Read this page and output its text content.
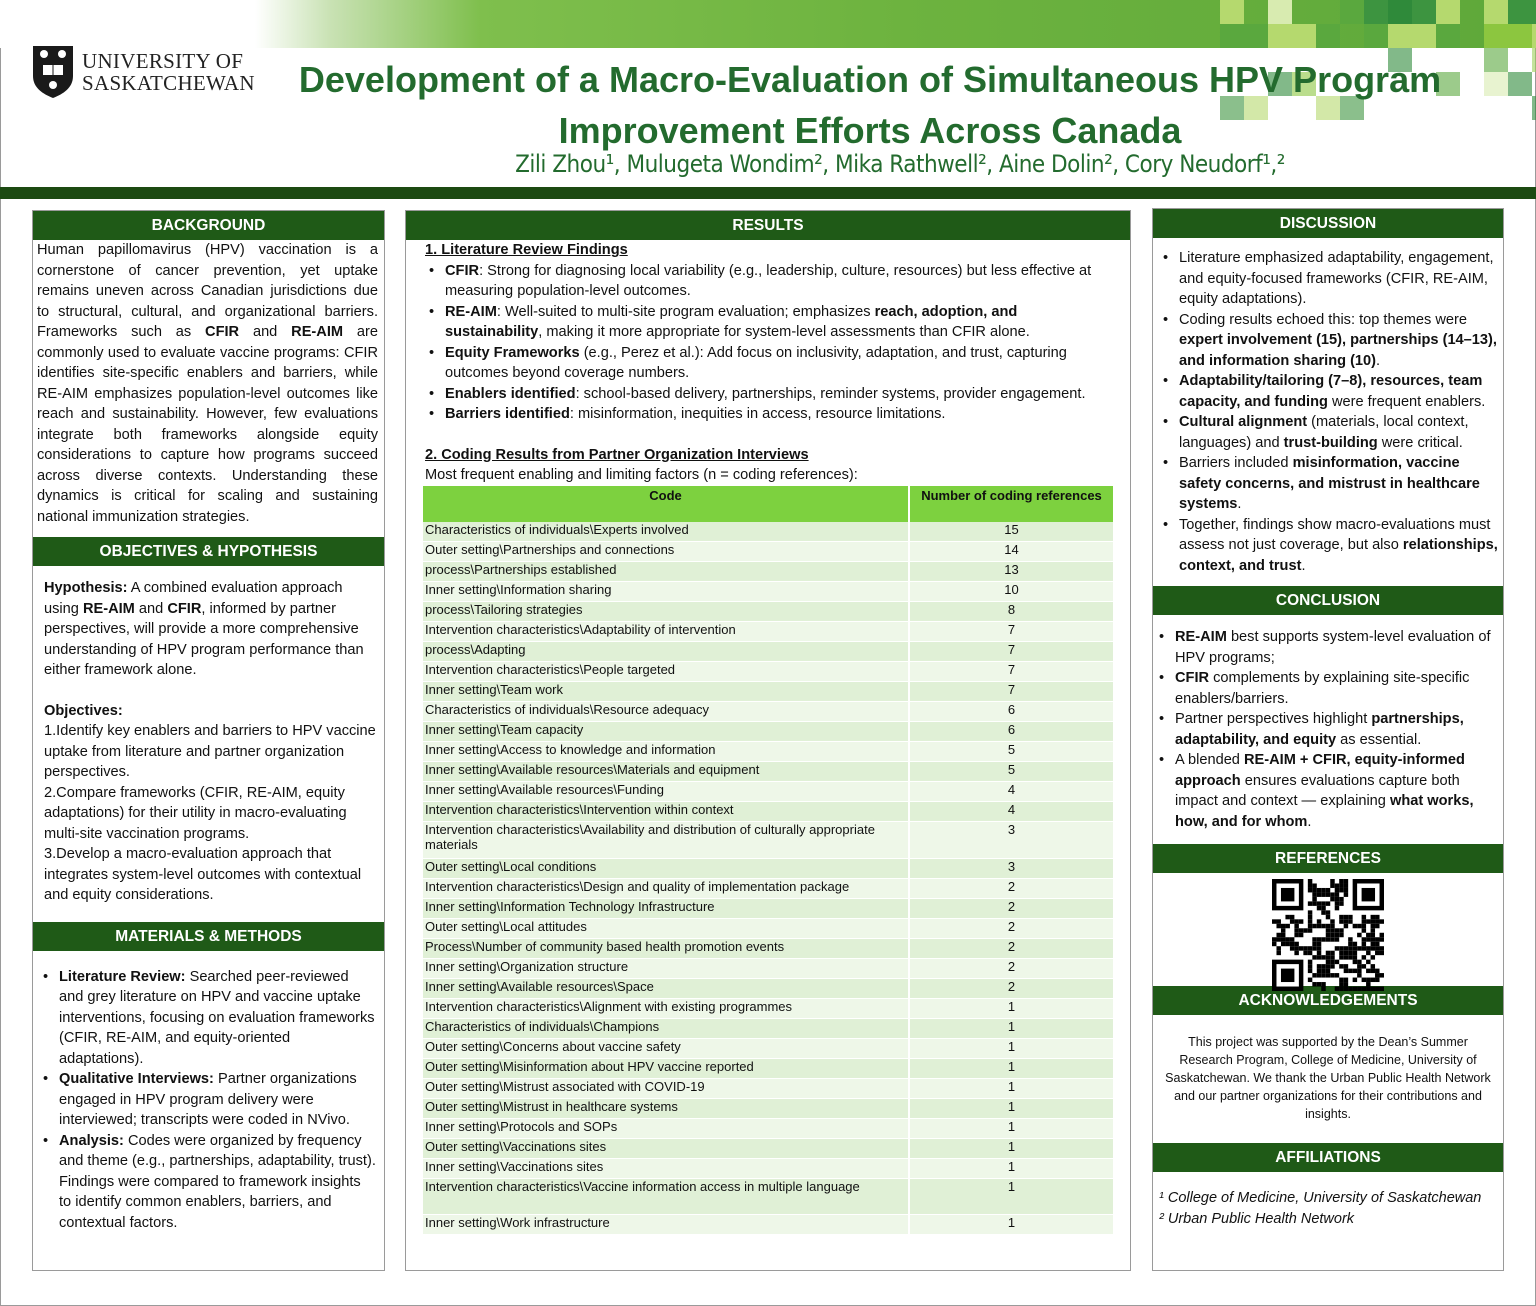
UNIVERSITY OF
SASKATCHEWAN	Development of a Macro-Evaluation of Simultaneous HPV Program Improvement Efforts Across Canada
Zili Zhou¹, Mulugeta Wondim², Mika Rathwell², Aine Dolin², Cory Neudorf¹,²
BACKGROUND

Human papillomavirus (HPV) vaccination is a cornerstone of cancer prevention, yet uptake remains uneven across Canadian jurisdictions due to structural, cultural, and organizational barriers. Frameworks such as CFIR and RE-AIM are commonly used to evaluate vaccine programs: CFIR identifies site-specific enablers and barriers, while RE-AIM emphasizes population-level outcomes like reach and sustainability. However, few evaluations integrate both frameworks alongside equity considerations to capture how programs succeed across diverse contexts. Understanding these dynamics is critical for scaling and sustaining national immunization strategies.

OBJECTIVES & HYPOTHESIS

Hypothesis: A combined evaluation approach using RE-AIM and CFIR, informed by partner perspectives, will provide a more comprehensive understanding of HPV program performance than either framework alone.

Objectives:

1.Identify key enablers and barriers to HPV vaccine uptake from literature and partner organization perspectives.

2.Compare frameworks (CFIR, RE-AIM, equity adaptations) for their utility in macro-evaluating multi-site vaccination programs.

3.Develop a macro-evaluation approach that integrates system-level outcomes with contextual and equity considerations.

MATERIALS & METHODS
• Literature Review: Searched peer-reviewed and grey literature on HPV and vaccine uptake interventions, focusing on evaluation frameworks (CFIR, RE-AIM, and equity-oriented adaptations).
• Qualitative Interviews: Partner organizations engaged in HPV program delivery were interviewed; transcripts were coded in NVivo.
• Analysis: Codes were organized by frequency and theme (e.g., partnerships, adaptability, trust). Findings were compared to framework insights to identify common enablers, barriers, and contextual factors.
RESULTS

1. Literature Review Findings

• CFIR: Strong for diagnosing local variability (e.g., leadership, culture, resources) but less effective at measuring population-level outcomes.
• RE-AIM: Well-suited to multi-site program evaluation; emphasizes reach, adoption, and sustainability, making it more appropriate for system-level assessments than CFIR alone.
• Equity Frameworks (e.g., Perez et al.): Add focus on inclusivity, adaptation, and trust, capturing outcomes beyond coverage numbers.
• Enablers identified: school-based delivery, partnerships, reminder systems, provider engagement.
• Barriers identified: misinformation, inequities in access, resource limitations.

2. Coding Results from Partner Organization Interviews

Most frequent enabling and limiting factors (n = coding references):

Code	Number of coding references
Characteristics of individuals\Experts involved	15
Outer setting\Partnerships and connections	14
process\Partnerships established	13
Inner setting\Information sharing	10
process\Tailoring strategies	8
Intervention characteristics\Adaptability of intervention	7
process\Adapting	7
Intervention characteristics\People targeted	7
Inner setting\Team work	7
Characteristics of individuals\Resource adequacy	6
Inner setting\Team capacity	6
Inner setting\Access to knowledge and information	5
Inner setting\Available resources\Materials and equipment	5
Inner setting\Available resources\Funding	4
Intervention characteristics\Intervention within context	4
Intervention characteristics\Availability and distribution of culturally appropriate materials	3
Outer setting\Local conditions	3
Intervention characteristics\Design and quality of implementation package	2
Inner setting\Information Technology Infrastructure	2
Outer setting\Local attitudes	2
Process\Number of community based health promotion events	2
Inner setting\Organization structure	2
Inner setting\Available resources\Space	2
Intervention characteristics\Alignment with existing programmes	1
Characteristics of individuals\Champions	1
Outer setting\Concerns about vaccine safety	1
Outer setting\Misinformation about HPV vaccine reported	1
Outer setting\Mistrust associated with COVID-19	1
Outer setting\Mistrust in healthcare systems	1
Inner setting\Protocols and SOPs	1
Outer setting\Vaccinations sites	1
Inner setting\Vaccinations sites	1
Intervention characteristics\Vaccine information access in multiple language	1
Inner setting\Work infrastructure	1
DISCUSSION
• Literature emphasized adaptability, engagement, and equity-focused frameworks (CFIR, RE-AIM, equity adaptations).
• Coding results echoed this: top themes were expert involvement (15), partnerships (14–13), and information sharing (10).
• Adaptability/tailoring (7–8), resources, team capacity, and funding were frequent enablers.
• Cultural alignment (materials, local context, languages) and trust-building were critical.
• Barriers included misinformation, vaccine safety concerns, and mistrust in healthcare systems.
• Together, findings show macro-evaluations must assess not just coverage, but also relationships, context, and trust.
CONCLUSION
• RE-AIM best supports system-level evaluation of HPV programs;
• CFIR complements by explaining site-specific enablers/barriers.
• Partner perspectives highlight partnerships, adaptability, and equity as essential.
• A blended RE-AIM + CFIR, equity-informed approach ensures evaluations capture both impact and context — explaining what works, how, and for whom.
REFERENCES
ACKNOWLEDGEMENTS

This project was supported by the Dean’s Summer Research Program, College of Medicine, University of Saskatchewan. We thank the Urban Public Health Network and our partner organizations for their contributions and insights.

AFFILIATIONS

¹ College of Medicine, University of Saskatchewan

² Urban Public Health Network
